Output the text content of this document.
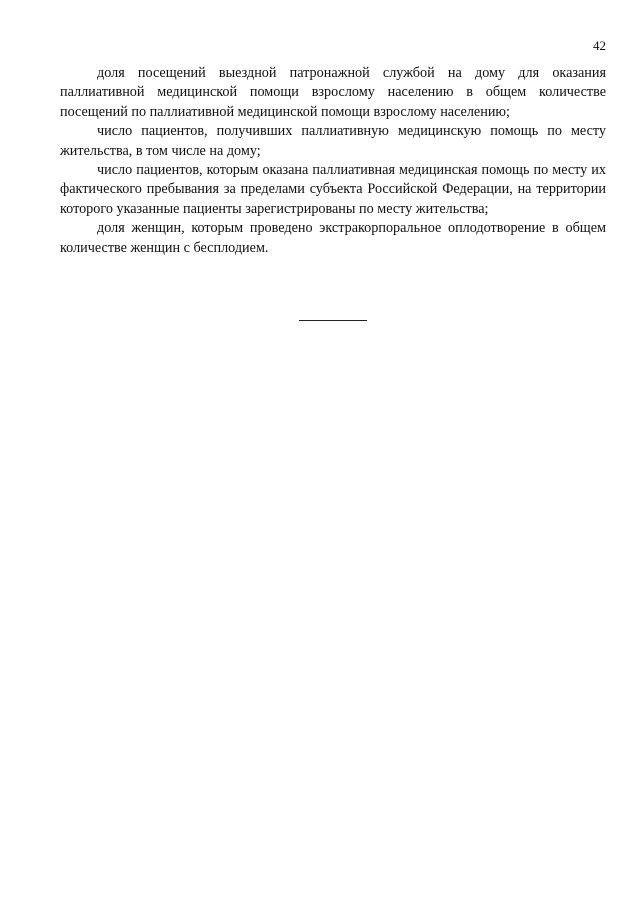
42

доля посещений выездной патронажной службой на дому для оказания паллиативной медицинской помощи взрослому населению в общем количестве посещений по паллиативной медицинской помощи взрослому населению;

число пациентов, получивших паллиативную медицинскую помощь по месту жительства, в том числе на дому;

число пациентов, которым оказана паллиативная медицинская помощь по месту их фактического пребывания за пределами субъекта Российской Федерации, на территории которого указанные пациенты зарегистрированы по месту жительства;

доля женщин, которым проведено экстракорпоральное оплодотворение в общем количестве женщин с бесплодием.
